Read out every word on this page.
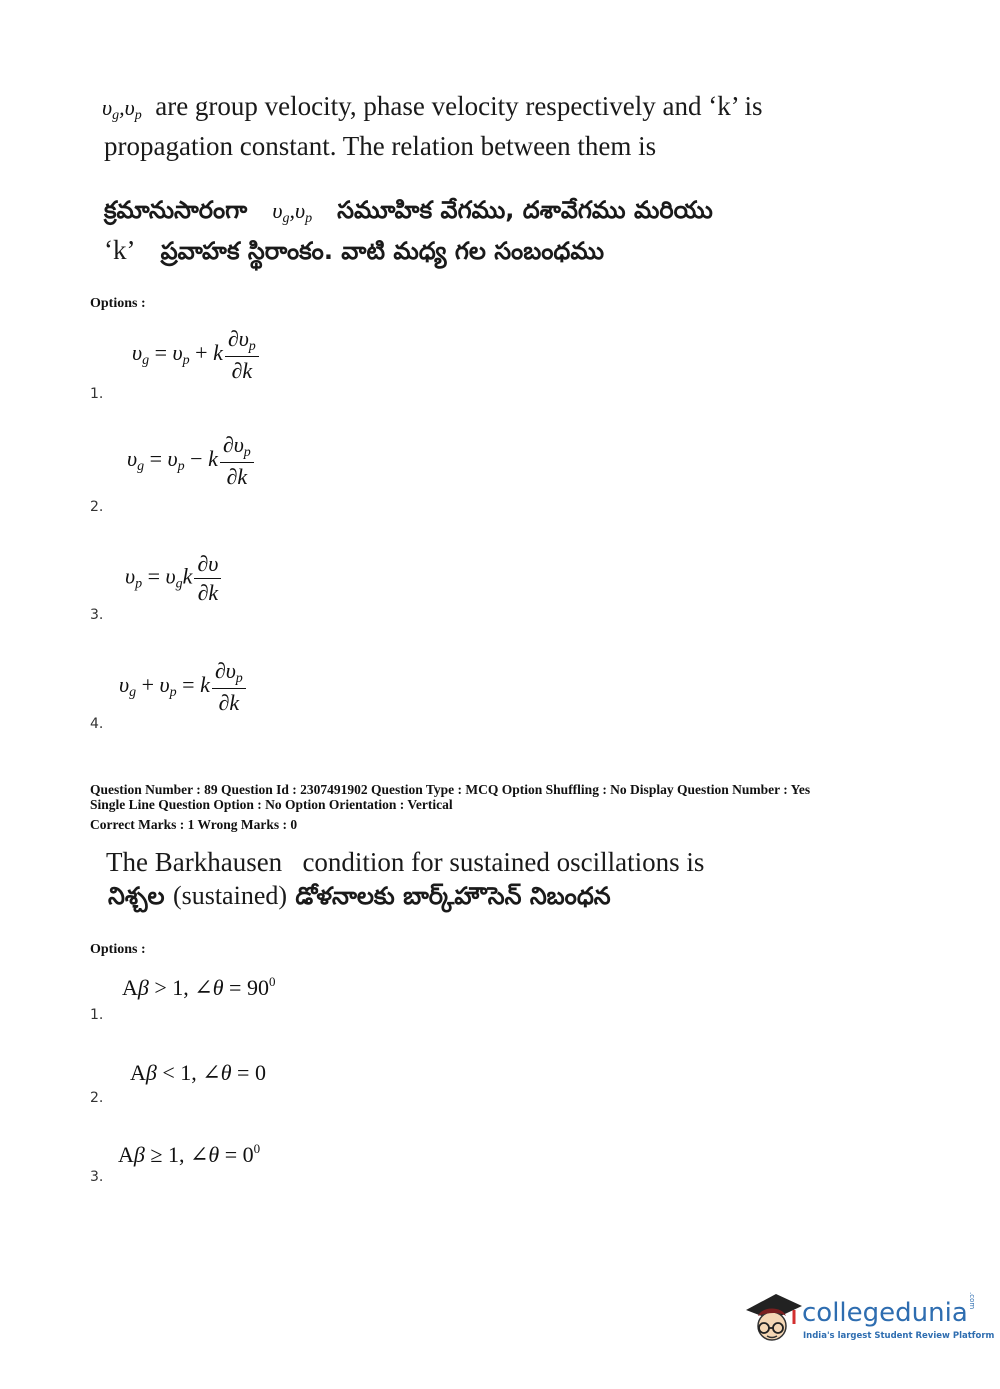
$\upsilon_g,\upsilon_p$ are group velocity, phase velocity respectively and ‘k’ is
propagation constant. The relation between them is
క్రమానుసారంగా $\upsilon_g,\upsilon_p$ సమూహిక వేగము, దశావేగము మరియు
‘k’ ప్రవాహక స్థిరాంకం. వాటి మధ్య గల సంబంధము
Options :
$\upsilon_g = \upsilon_p + k \frac{\partial\upsilon_p}{\partial k}$
1.
$\upsilon_g = \upsilon_p - k \frac{\partial\upsilon_p}{\partial k}$
2.
$\upsilon_p = \upsilon_gk \frac{\partial\upsilon}{\partial k}$
3.
$\upsilon_g + \upsilon_p = k \frac{\partial\upsilon_p}{\partial k}$
4.
Question Number : 89 Question Id : 2307491902 Question Type : MCQ Option Shuffling : No Display Question Number : Yes
Single Line Question Option : No Option Orientation : Vertical
Correct Marks : 1 Wrong Marks : 0
The Barkhausen condition for sustained oscillations is
నిశ్చల (sustained) డోళనాలకు బార్క్‌హౌసెన్ నిబంధన
Options :
Aβ > 1, ∠θ = $90^0$
1.
Aβ < 1, ∠θ = 0
2.
Aβ ≥ 1, ∠θ = $0^0$
3.
collegedunia.com
India's largest Student Review Platform
